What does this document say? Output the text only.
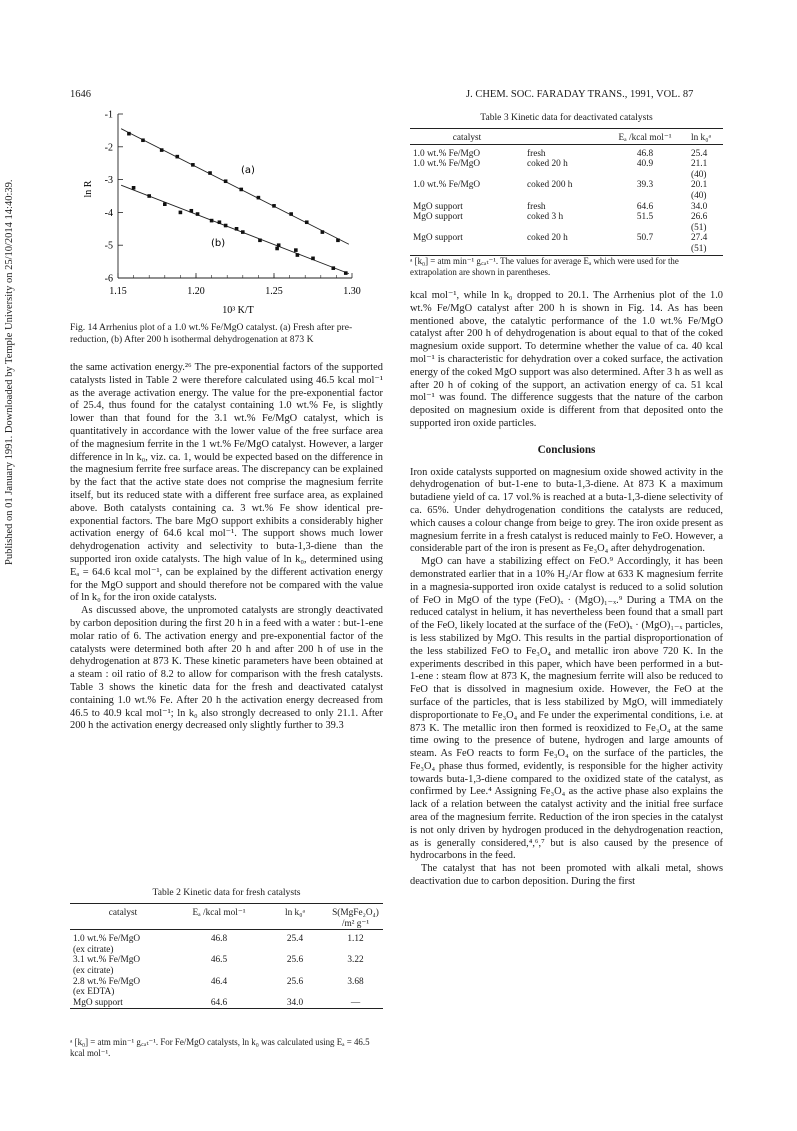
Published on 01 January 1991. Downloaded by Temple University on 25/10/2014 14:40:39.
1646	J. CHEM. SOC. FARADAY TRANS., 1991, VOL. 87
-1
-2
-3
-4
-5
-6
1.15	1.20	1.25	1.30
(a)
(b)
ln R
10³ K/T
Fig. 14 Arrhenius plot of a 1.0 wt.% Fe/MgO catalyst. (a) Fresh after pre-reduction, (b) After 200 h isothermal dehydrogenation at 873 K

the same activation energy.²⁶ The pre-exponential factors of the supported catalysts listed in Table 2 were therefore calculated using 46.5 kcal mol⁻¹ as the average activation energy. The value for the pre-exponential factor of 25.4, thus found for the catalyst containing 1.0 wt.% Fe, is slightly lower than that found for the 3.1 wt.% Fe/MgO catalyst, which is quantitatively in accordance with the lower value of the free surface area of the magnesium ferrite in the 1 wt.% Fe/MgO catalyst. However, a larger difference in ln k₀, viz. ca. 1, would be expected based on the difference in the magnesium ferrite free surface areas. The discrepancy can be explained by the fact that the active state does not comprise the magnesium ferrite itself, but its reduced state with a different free surface area, as explained above. Both catalysts containing ca. 3 wt.% Fe show identical pre-exponential factors. The bare MgO support exhibits a considerably higher activation energy of 64.6 kcal mol⁻¹. The support shows much lower dehydrogenation activity and selectivity to buta-1,3-diene than the supported iron oxide catalysts. The high value of ln k₀, determined using Eₐ = 64.6 kcal mol⁻¹, can be explained by the different activation energy for the MgO support and should therefore not be compared with the value of ln k₀ for the iron oxide catalysts.

As discussed above, the unpromoted catalysts are strongly deactivated by carbon deposition during the first 20 h in a feed with a water : but-1-ene molar ratio of 6. The activation energy and pre-exponential factor of the catalysts were determined both after 20 h and after 200 h of use in the dehydrogenation at 873 K. These kinetic parameters have been obtained at a steam : oil ratio of 8.2 to allow for comparison with the fresh catalysts. Table 3 shows the kinetic data for the fresh and deactivated catalyst containing 1.0 wt.% Fe. After 20 h the activation energy decreased from 46.5 to 40.9 kcal mol⁻¹; ln k₀ also strongly decreased to only 21.1. After 200 h the activation energy decreased only slightly further to 39.3

Table 2 Kinetic data for fresh catalysts
catalyst	Eₐ /kcal mol⁻¹	ln k₀ᵃ	S(MgFe₂O₄) /m² g⁻¹
1.0 wt.% Fe/MgO	46.8	25.4	1.12
(ex citrate)			
3.1 wt.% Fe/MgO	46.5	25.6	3.22
(ex citrate)			
2.8 wt.% Fe/MgO	46.4	25.6	3.68
(ex EDTA)			
MgO support	64.6	34.0	—
ᵃ [k₀] = atm min⁻¹ g꜀ₐₜ⁻¹. For Fe/MgO catalysts, ln k₀ was calculated using Eₐ = 46.5 kcal mol⁻¹.
Table 3 Kinetic data for deactivated catalysts
catalyst		Eₐ /kcal mol⁻¹	ln k₀ᵃ
1.0 wt.% Fe/MgO	fresh	46.8	25.4
1.0 wt.% Fe/MgO	coked 20 h	40.9	21.1 (40)
1.0 wt.% Fe/MgO	coked 200 h	39.3	20.1 (40)
MgO support	fresh	64.6	34.0
MgO support	coked 3 h	51.5	26.6 (51)
MgO support	coked 20 h	50.7	27.4 (51)
ᵃ [k₀] = atm min⁻¹ g꜀ₐₜ⁻¹. The values for average Eₐ which were used for the extrapolation are shown in parentheses.

kcal mol⁻¹, while ln k₀ dropped to 20.1. The Arrhenius plot of the 1.0 wt.% Fe/MgO catalyst after 200 h is shown in Fig. 14. As has been mentioned above, the catalytic performance of the 1.0 wt.% Fe/MgO catalyst after 200 h of dehydrogenation is about equal to that of the coked magnesium oxide support. To determine whether the value of ca. 40 kcal mol⁻¹ is characteristic for dehydration over a coked surface, the activation energy of the coked MgO support was also determined. After 3 h as well as after 20 h of coking of the support, an activation energy of ca. 51 kcal mol⁻¹ was found. The difference suggests that the nature of the carbon deposited on magnesium oxide is different from that deposited onto the supported iron oxide particles.

Conclusions

Iron oxide catalysts supported on magnesium oxide showed activity in the dehydrogenation of but-1-ene to buta-1,3-diene. At 873 K a maximum butadiene yield of ca. 17 vol.% is reached at a buta-1,3-diene selectivity of ca. 65%. Under dehydrogenation conditions the catalysts are reduced, which causes a colour change from beige to grey. The iron oxide present as magnesium ferrite in a fresh catalyst is reduced mainly to FeO. However, a considerable part of the iron is present as Fe₃O₄ after dehydrogenation.

MgO can have a stabilizing effect on FeO.⁹ Accordingly, it has been demonstrated earlier that in a 10% H₂/Ar flow at 633 K magnesium ferrite in a magnesia-supported iron oxide catalyst is reduced to a solid solution of FeO in MgO of the type (FeO)ₓ · (MgO)₁₋ₓ.⁹ During a TMA on the reduced catalyst in helium, it has nevertheless been found that a small part of the FeO, likely located at the surface of the (FeO)ₓ · (MgO)₁₋ₓ particles, is less stabilized by MgO. This results in the partial disproportionation of the less stabilized FeO to Fe₃O₄ and metallic iron above 720 K. In the experiments described in this paper, which have been performed in a but-1-ene : steam flow at 873 K, the magnesium ferrite will also be reduced to FeO that is dissolved in magnesium oxide. However, the FeO at the surface of the particles, that is less stabilized by MgO, will immediately disproportionate to Fe₃O₄ and Fe under the experimental conditions, i.e. at 873 K. The metallic iron then formed is reoxidized to Fe₃O₄ at the same time owing to the presence of butene, hydrogen and large amounts of steam. As FeO reacts to form Fe₃O₄ on the surface of the particles, the Fe₃O₄ phase thus formed, evidently, is responsible for the higher activity towards buta-1,3-diene compared to the oxidized state of the catalyst, as confirmed by Lee.⁴ Assigning Fe₃O₄ as the active phase also explains the lack of a relation between the catalyst activity and the initial free surface area of the magnesium ferrite. Reduction of the iron species in the catalyst is not only driven by hydrogen produced in the dehydrogenation reaction, as is generally considered,⁴,⁶,⁷ but is also caused by the presence of hydrocarbons in the feed.

The catalyst that has not been promoted with alkali metal, shows deactivation due to carbon deposition. During the first
